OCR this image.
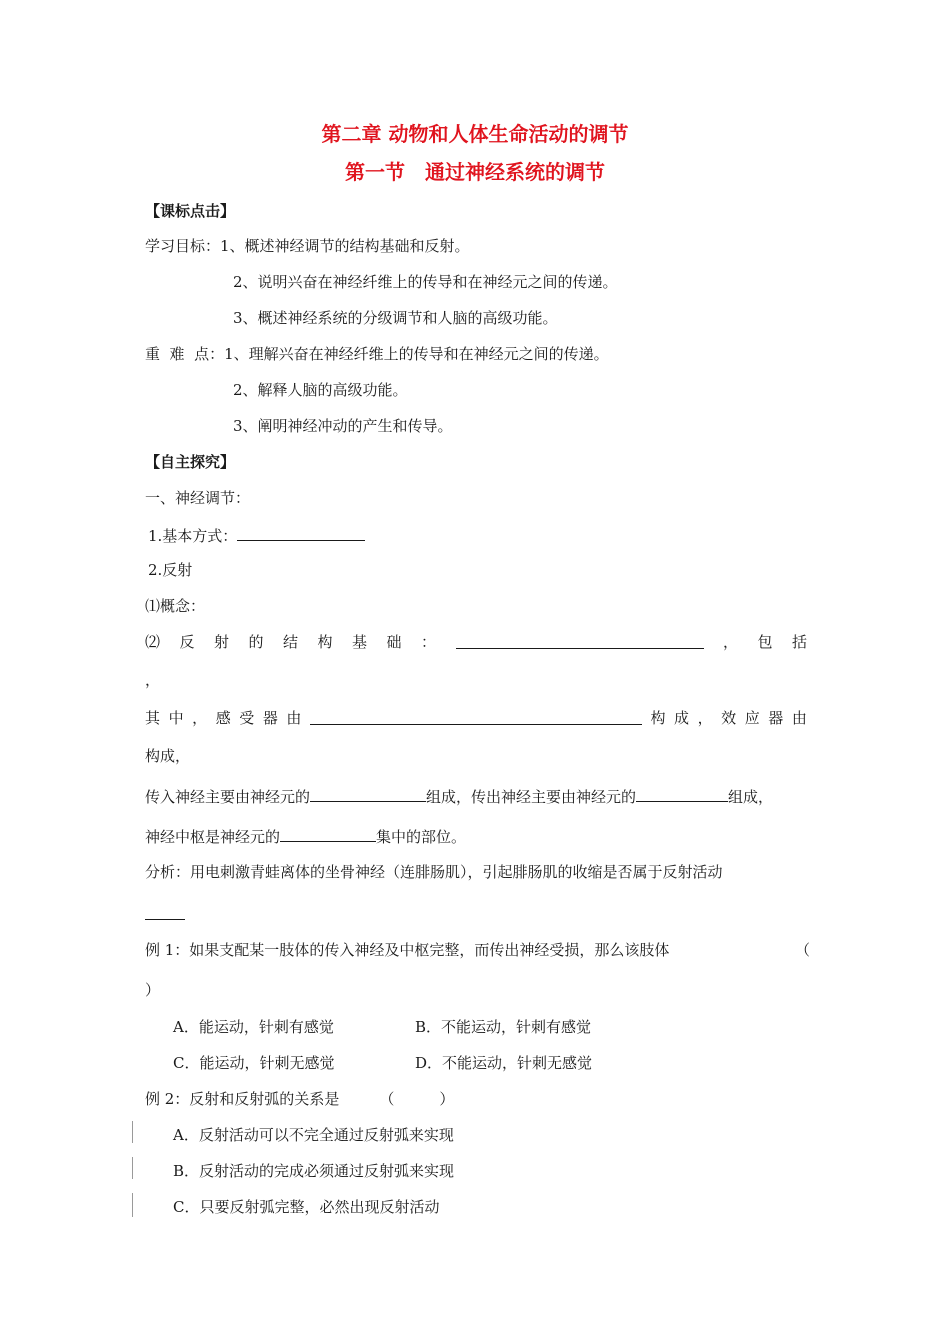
第二章 动物和人体生命活动的调节
第一节　通过神经系统的调节
【课标点击】
学习目标：1、概述神经调节的结构基础和反射。
2、说明兴奋在神经纤维上的传导和在神经元之间的传递。
3、概述神经系统的分级调节和人脑的高级功能。
重  难  点：1、理解兴奋在神经纤维上的传导和在神经元之间的传递。
2、解释人脑的高级功能。
3、阐明神经冲动的产生和传导。
【自主探究】
一、神经调节：
1.基本方式：
2.反射
⑴概念：
⑵ 反 射 的 结 构 基 础 ：	， 包 括
，
其 中 ， 感 受 器 由	构 成 ， 效 应 器 由
构成，
传入神经主要由神经元的	组成，传出神经主要由神经元的	组成，
神经中枢是神经元的	集中的部位。
分析：用电刺激青蛙离体的坐骨神经（连腓肠肌），引起腓肠肌的收缩是否属于反射活动
例 1：如果支配某一肢体的传入神经及中枢完整，而传出神经受损，那么该肢体	（
）
A．能运动，针刺有感觉	B．不能运动，针刺有感觉
C．能运动，针刺无感觉	D．不能运动，针刺无感觉
例 2：反射和反射弧的关系是	（　　　）
A．反射活动可以不完全通过反射弧来实现
B．反射活动的完成必须通过反射弧来实现
C．只要反射弧完整，必然出现反射活动
